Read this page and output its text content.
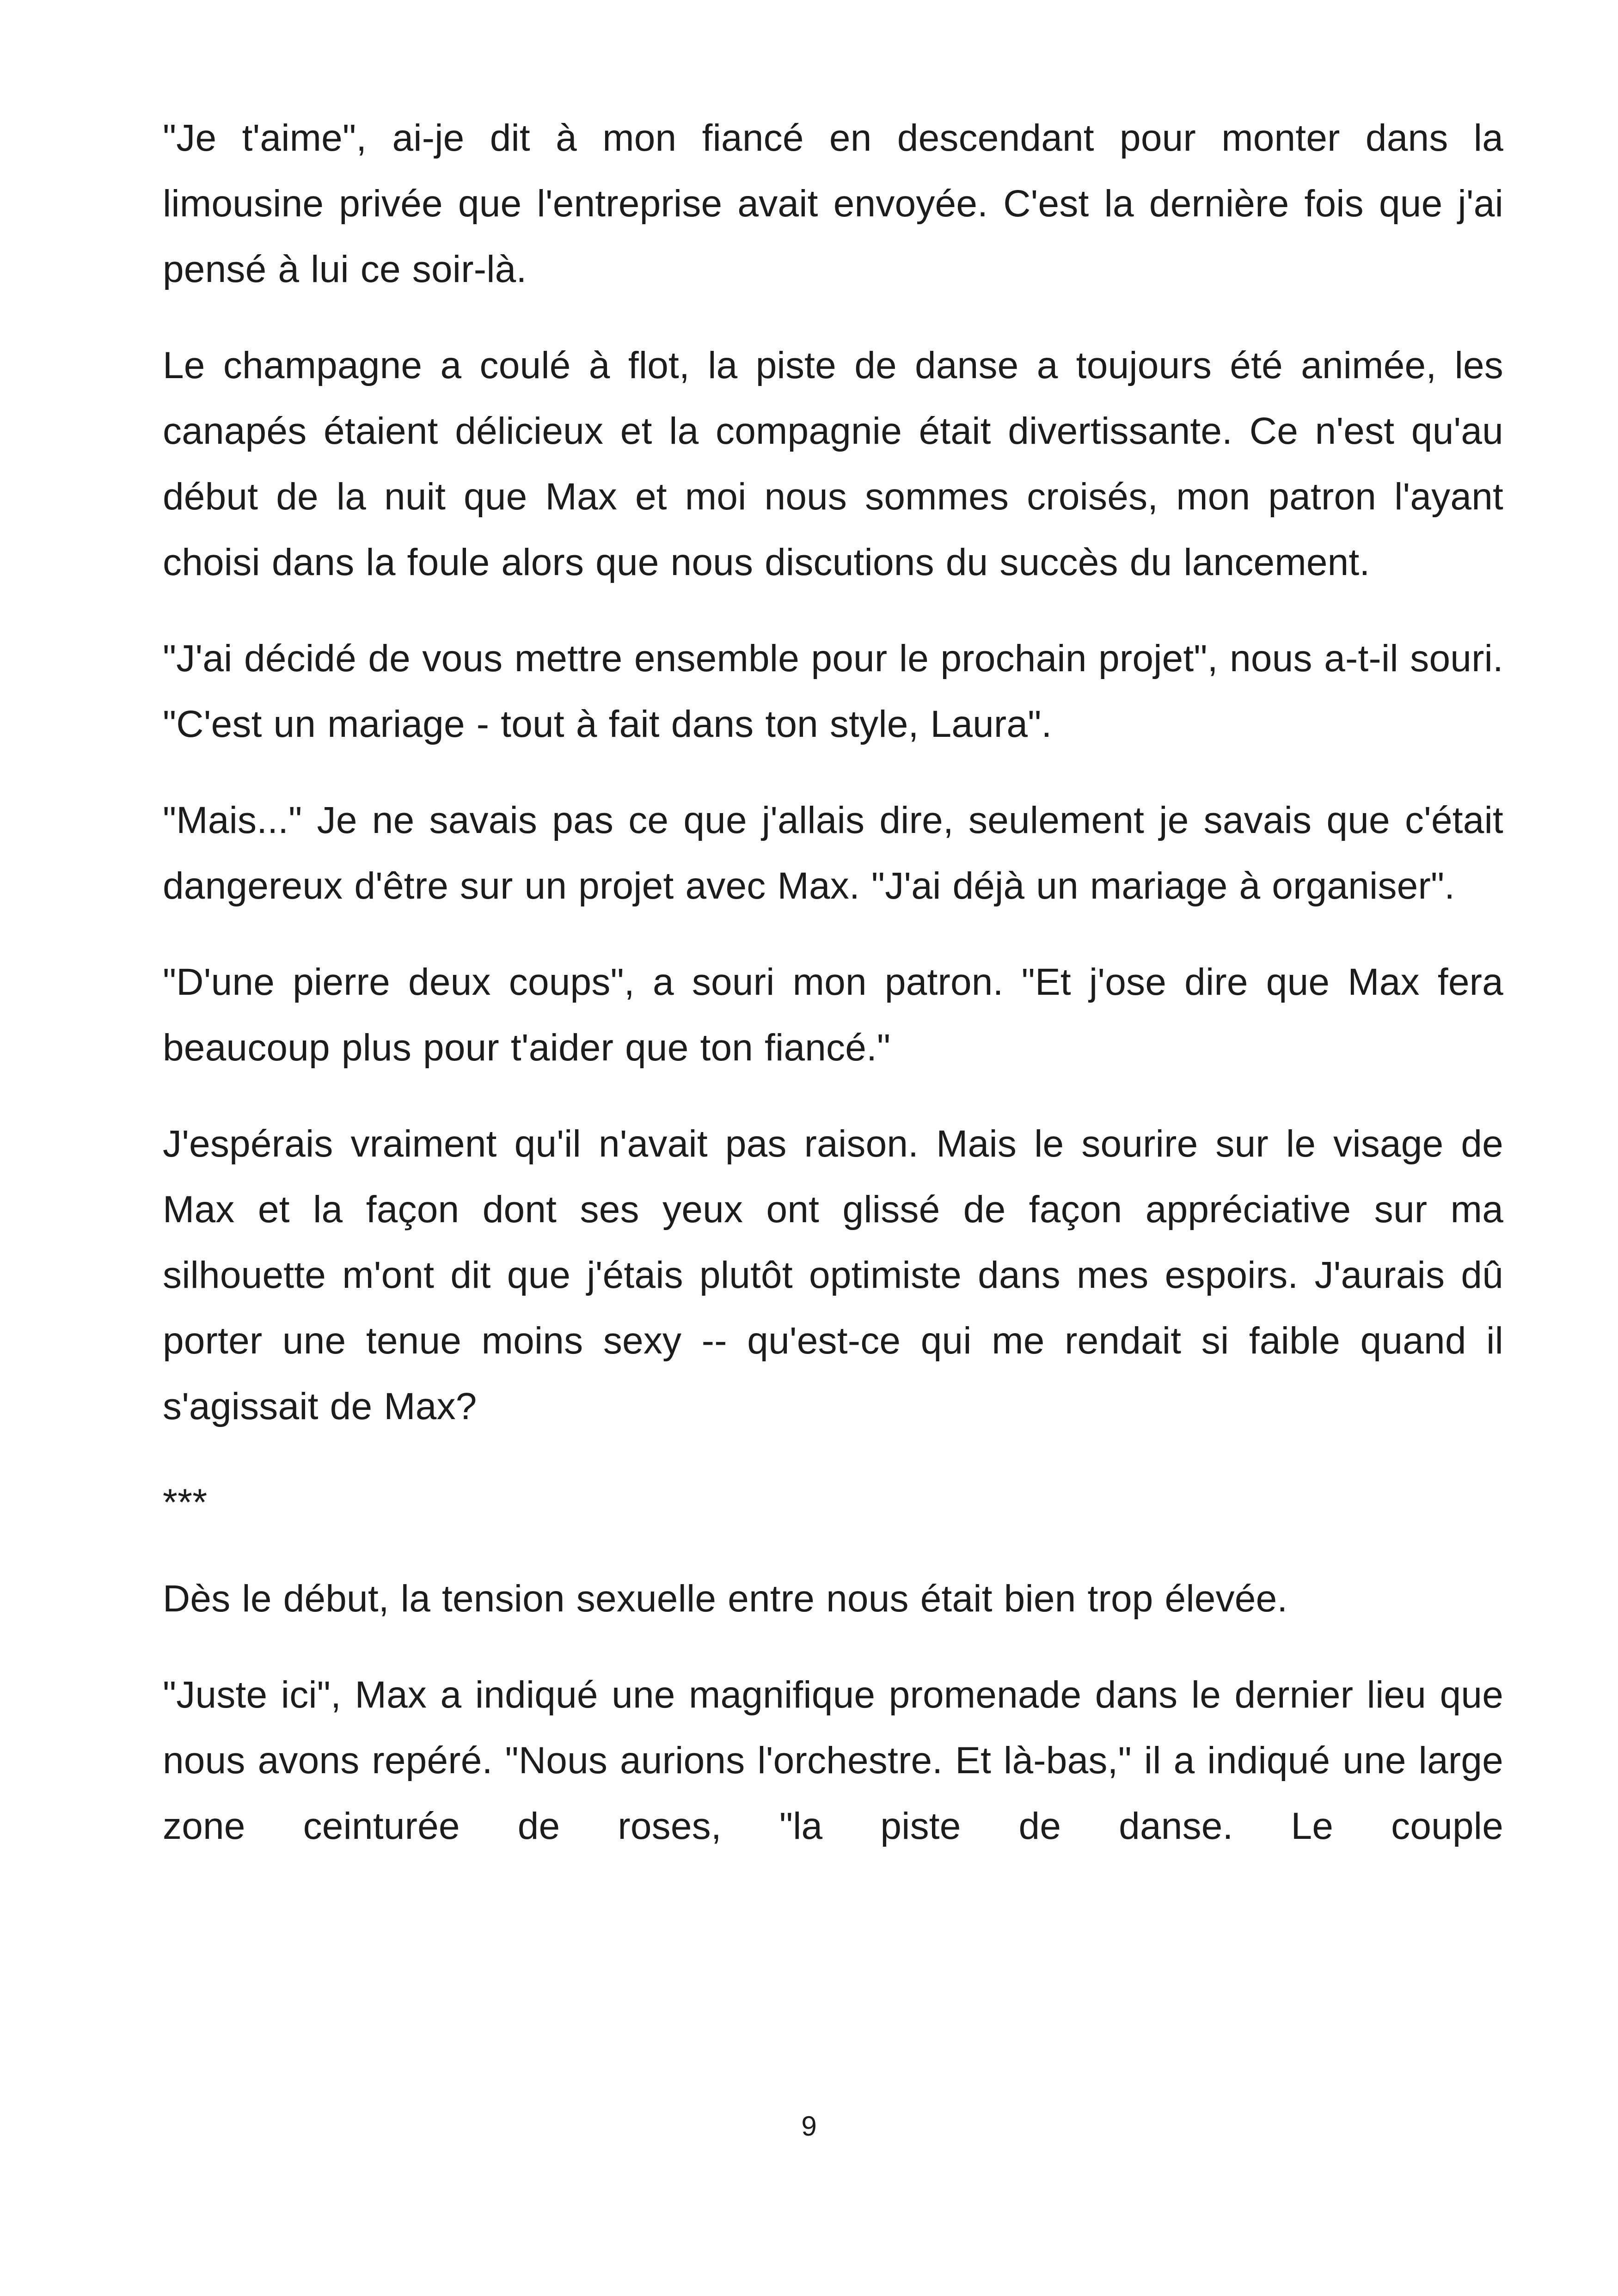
"Je t'aime", ai-je dit à mon fiancé en descendant pour monter dans la limousine privée que l'entreprise avait envoyée. C'est la dernière fois que j'ai pensé à lui ce soir-là.

Le champagne a coulé à flot, la piste de danse a toujours été animée, les canapés étaient délicieux et la compagnie était divertissante. Ce n'est qu'au début de la nuit que Max et moi nous sommes croisés, mon patron l'ayant choisi dans la foule alors que nous discutions du succès du lancement.

"J'ai décidé de vous mettre ensemble pour le prochain projet", nous a-t-il souri. "C'est un mariage - tout à fait dans ton style, Laura".

"Mais..." Je ne savais pas ce que j'allais dire, seulement je savais que c'était dangereux d'être sur un projet avec Max. "J'ai déjà un mariage à organiser".

"D'une pierre deux coups", a souri mon patron. "Et j'ose dire que Max fera beaucoup plus pour t'aider que ton fiancé."

J'espérais vraiment qu'il n'avait pas raison. Mais le sourire sur le visage de Max et la façon dont ses yeux ont glissé de façon appréciative sur ma silhouette m'ont dit que j'étais plutôt optimiste dans mes espoirs. J'aurais dû porter une tenue moins sexy -- qu'est-ce qui me rendait si faible quand il s'agissait de Max?

***

Dès le début, la tension sexuelle entre nous était bien trop élevée.

"Juste ici", Max a indiqué une magnifique promenade dans le dernier lieu que nous avons repéré. "Nous aurions l'orchestre. Et là-bas," il a indiqué une large zone ceinturée de roses, "la piste de danse. Le couple

9
